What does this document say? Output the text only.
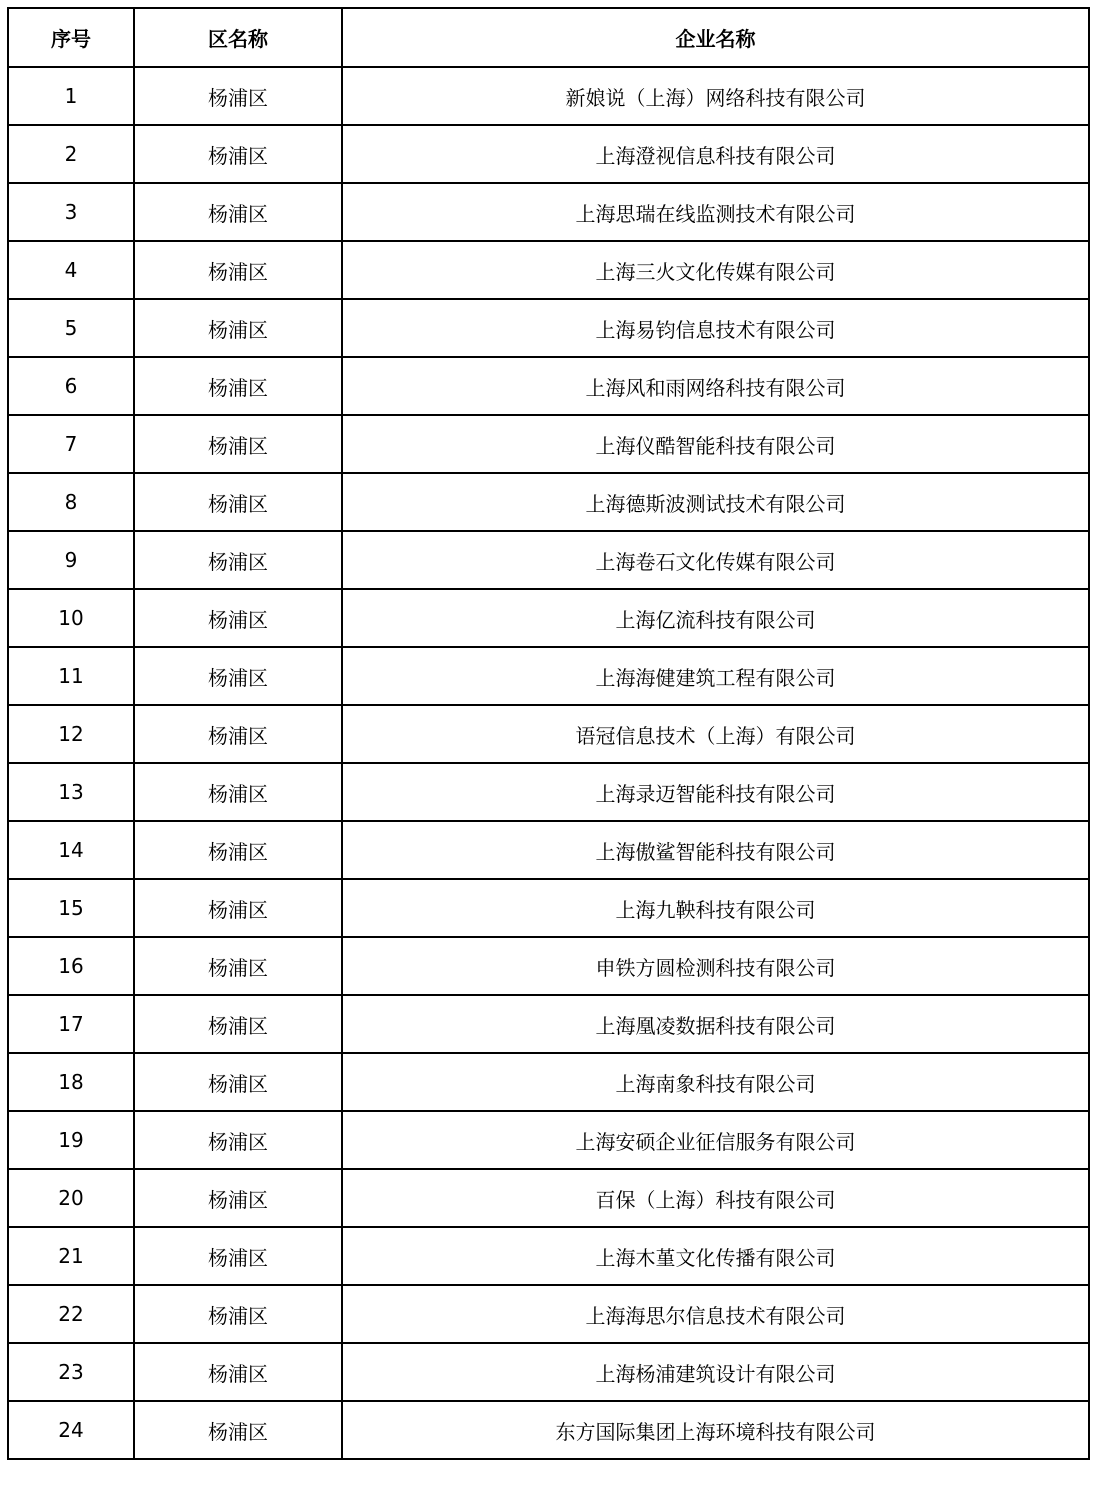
序号	区名称	企业名称
1	杨浦区	新娘说（上海）网络科技有限公司
2	杨浦区	上海澄视信息科技有限公司
3	杨浦区	上海思瑞在线监测技术有限公司
4	杨浦区	上海三火文化传媒有限公司
5	杨浦区	上海易钧信息技术有限公司
6	杨浦区	上海风和雨网络科技有限公司
7	杨浦区	上海仪酷智能科技有限公司
8	杨浦区	上海德斯波测试技术有限公司
9	杨浦区	上海卷石文化传媒有限公司
10	杨浦区	上海亿流科技有限公司
11	杨浦区	上海海健建筑工程有限公司
12	杨浦区	语冠信息技术（上海）有限公司
13	杨浦区	上海录迈智能科技有限公司
14	杨浦区	上海傲鲨智能科技有限公司
15	杨浦区	上海九鞅科技有限公司
16	杨浦区	申铁方圆检测科技有限公司
17	杨浦区	上海凰凌数据科技有限公司
18	杨浦区	上海南象科技有限公司
19	杨浦区	上海安硕企业征信服务有限公司
20	杨浦区	百保（上海）科技有限公司
21	杨浦区	上海木堇文化传播有限公司
22	杨浦区	上海海思尔信息技术有限公司
23	杨浦区	上海杨浦建筑设计有限公司
24	杨浦区	东方国际集团上海环境科技有限公司
